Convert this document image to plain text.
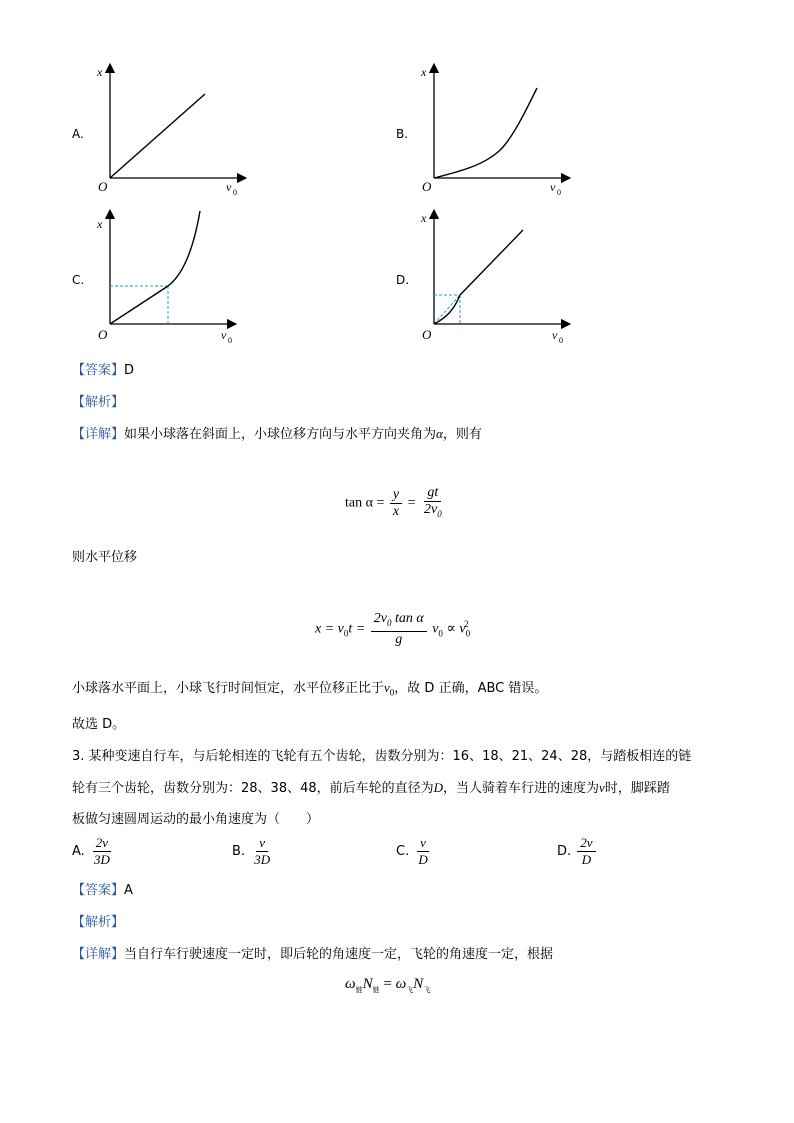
A.
x
O	v 0
B.
x
O	v 0
C.
x
O	v 0
D.
x
O	v 0
【答案】D
【解析】
【详解】如果小球落在斜面上，小球位移方向与水平方向夹角为α，则有
$\tan \alpha = \frac{y}{x} = \frac{gt}{2v_0}$
则水平位移
$x = v_0t = \frac{2v_0 \tan \alpha}{g} v_0 \propto v_0^2$
小球落水平面上，小球飞行时间恒定，水平位移正比于$v_0$，故 D 正确，ABC 错误。
故选 D。
3. 某种变速自行车，与后轮相连的飞轮有五个齿轮，齿数分别为：16、18、21、24、28，与踏板相连的链
轮有三个齿轮，齿数分别为：28、38、48，前后车轮的直径为D，当人骑着车行进的速度为v时，脚踩踏
板做匀速圆周运动的最小角速度为（　　）
A. $\frac{2v}{3D}$	B. $\frac{v}{3D}$	C. $\frac{v}{D}$	D. $\frac{2v}{D}$
【答案】A
【解析】
【详解】当自行车行驶速度一定时，即后轮的角速度一定，飞轮的角速度一定，根据
$\omega_链N_链 = \omega_飞N_飞$
